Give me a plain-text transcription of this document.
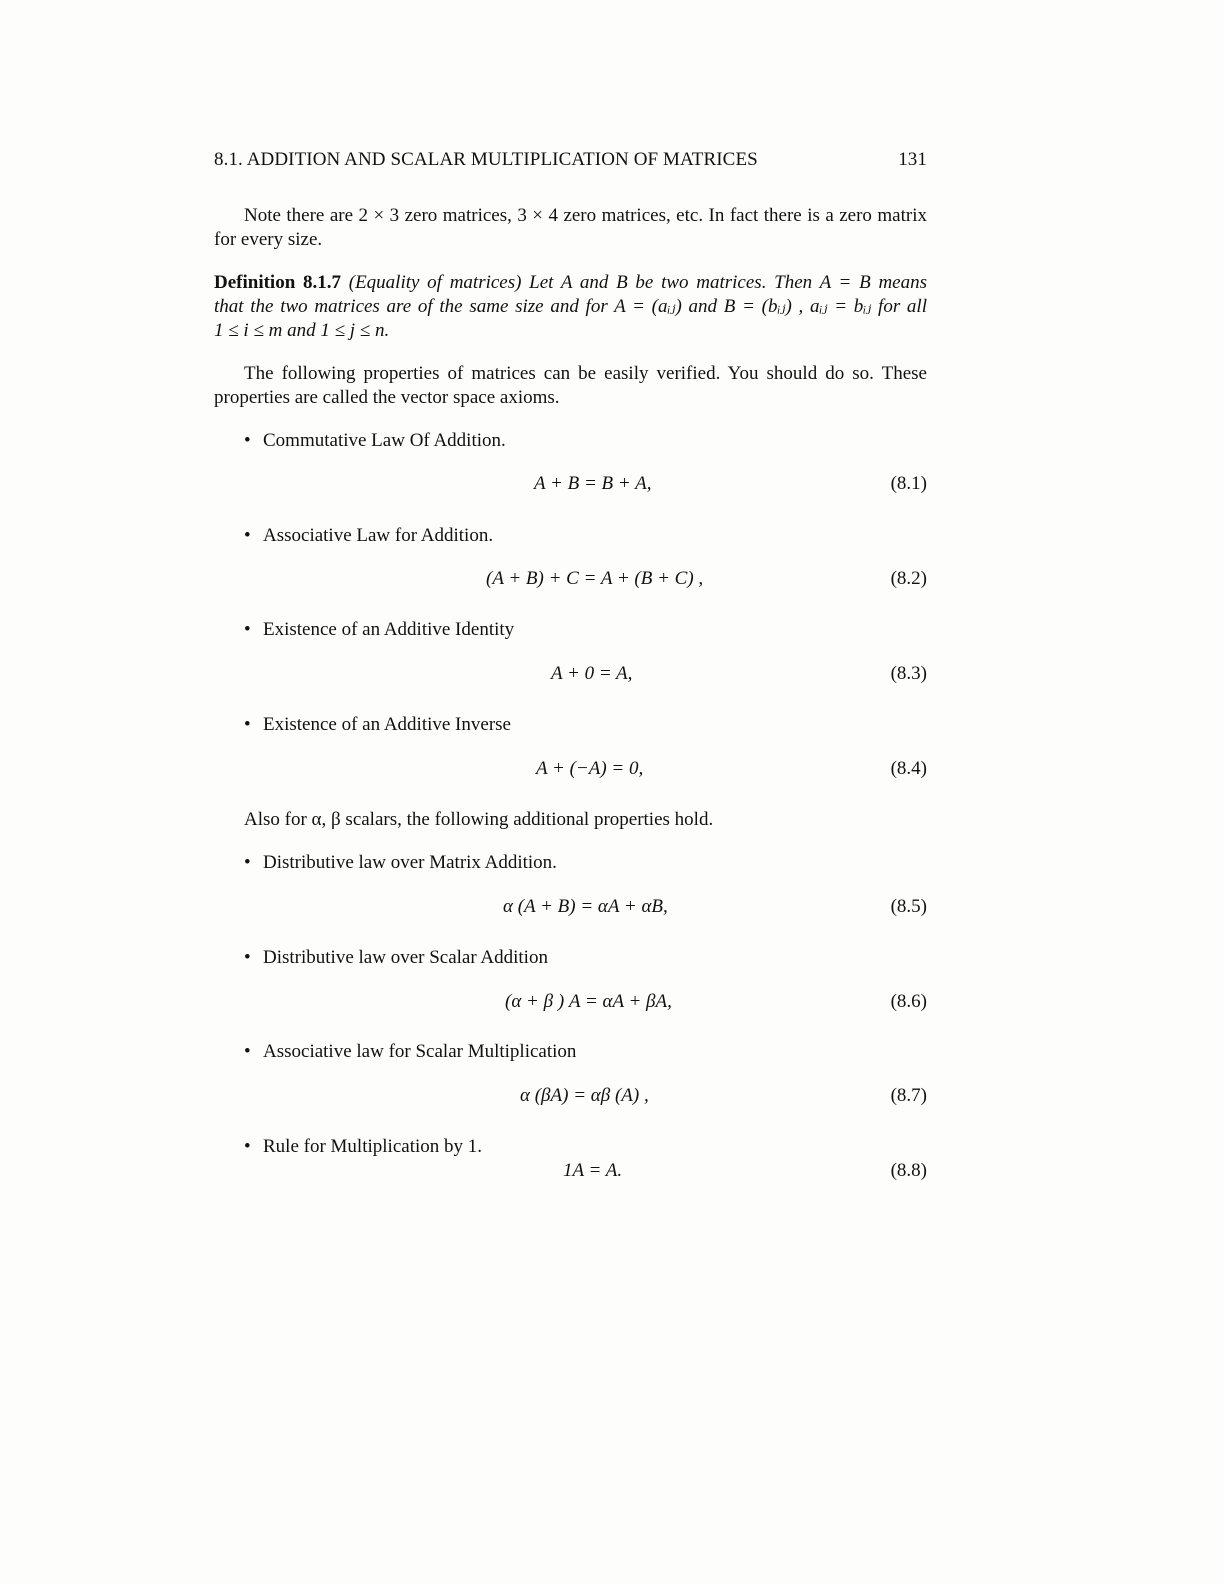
8.1. ADDITION AND SCALAR MULTIPLICATION OF MATRICES	131
Note there are 2 × 3 zero matrices, 3 × 4 zero matrices, etc. In fact there is a zero matrix
for every size.
Definition 8.1.7 (Equality of matrices) Let A and B be two matrices. Then A = B means
that the two matrices are of the same size and for A = (aᵢⱼ) and B = (bᵢⱼ) , aᵢⱼ = bᵢⱼ for all
1 ≤ i ≤ m and 1 ≤ j ≤ n.
The following properties of matrices can be easily verified. You should do so. These
properties are called the vector space axioms.
• Commutative Law Of Addition.
A + B = B + A,	(8.1)
• Associative Law for Addition.
(A + B) + C = A + (B + C) ,	(8.2)
• Existence of an Additive Identity
A + 0 = A,	(8.3)
• Existence of an Additive Inverse
A + (−A) = 0,	(8.4)
Also for α, β scalars, the following additional properties hold.
• Distributive law over Matrix Addition.
α (A + B) = αA + αB,	(8.5)
• Distributive law over Scalar Addition
(α + β ) A = αA + βA,	(8.6)
• Associative law for Scalar Multiplication
α (βA) = αβ (A) ,	(8.7)
• Rule for Multiplication by 1.
1A = A.	(8.8)
